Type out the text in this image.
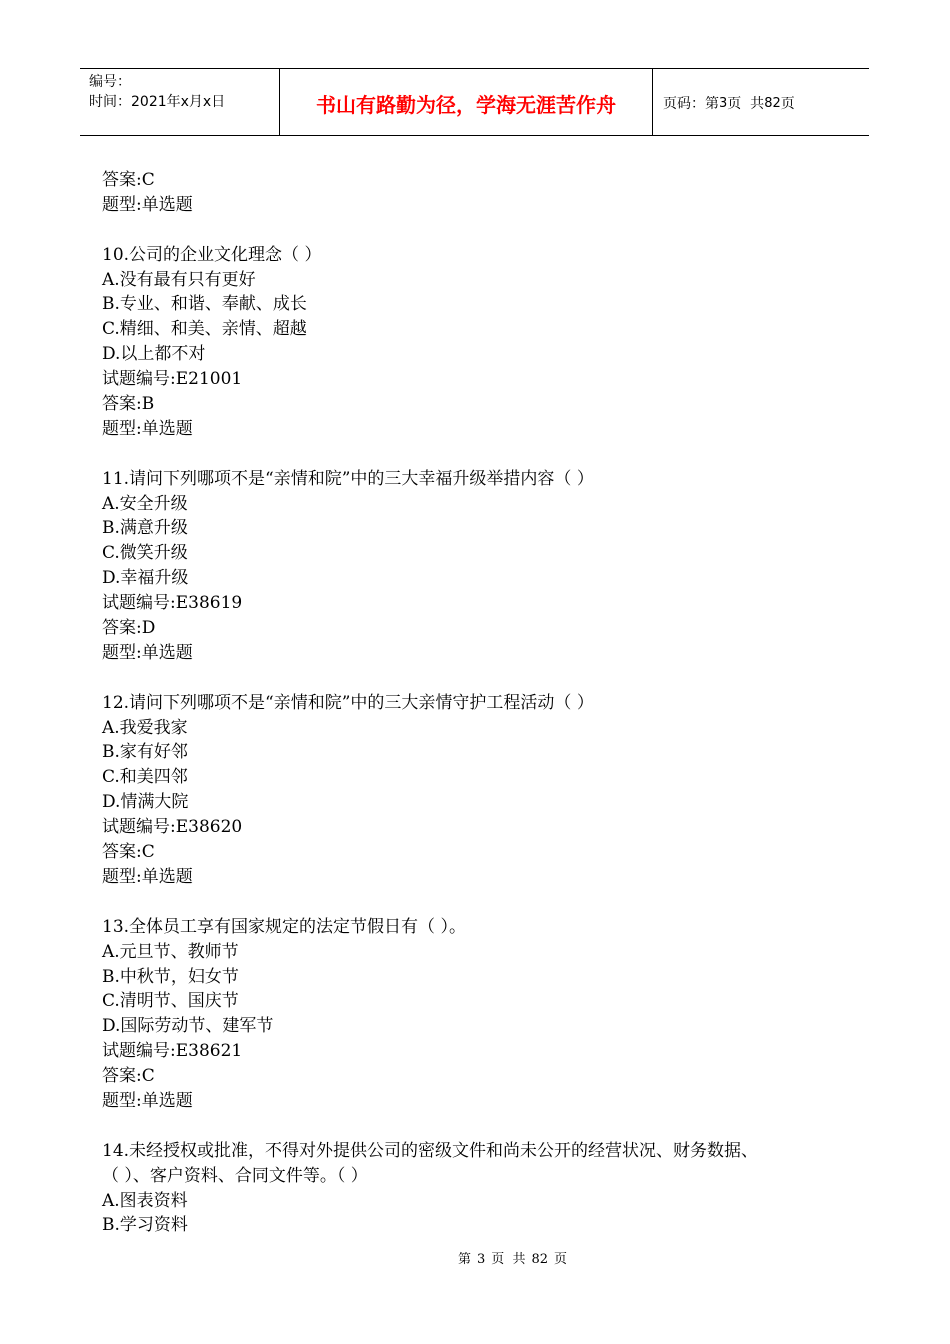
编号：
时间：2021年x月x日	书山有路勤为径，学海无涯苦作舟	页码：第 3 页  共 82 页
答案:C
题型:单选题
10.公司的企业文化理念（ ）
A.没有最有只有更好
B.专业、和谐、奉献、成长
C.精细、和美、亲情、超越
D.以上都不对
试题编号:E21001
答案:B
题型:单选题
11.请问下列哪项不是“亲情和院”中的三大幸福升级举措内容（ ）
A.安全升级
B.满意升级
C.微笑升级
D.幸福升级
试题编号:E38619
答案:D
题型:单选题
12.请问下列哪项不是“亲情和院”中的三大亲情守护工程活动（ ）
A.我爱我家
B.家有好邻
C.和美四邻
D.情满大院
试题编号:E38620
答案:C
题型:单选题
13.全体员工享有国家规定的法定节假日有（ ）。
A.元旦节、教师节
B.中秋节，妇女节
C.清明节、国庆节
D.国际劳动节、建军节
试题编号:E38621
答案:C
题型:单选题
14.未经授权或批准，不得对外提供公司的密级文件和尚未公开的经营状况、财务数据、
（ ）、客户资料、合同文件等。（ ）
A.图表资料
B.学习资料
第 3 页  共 82 页
